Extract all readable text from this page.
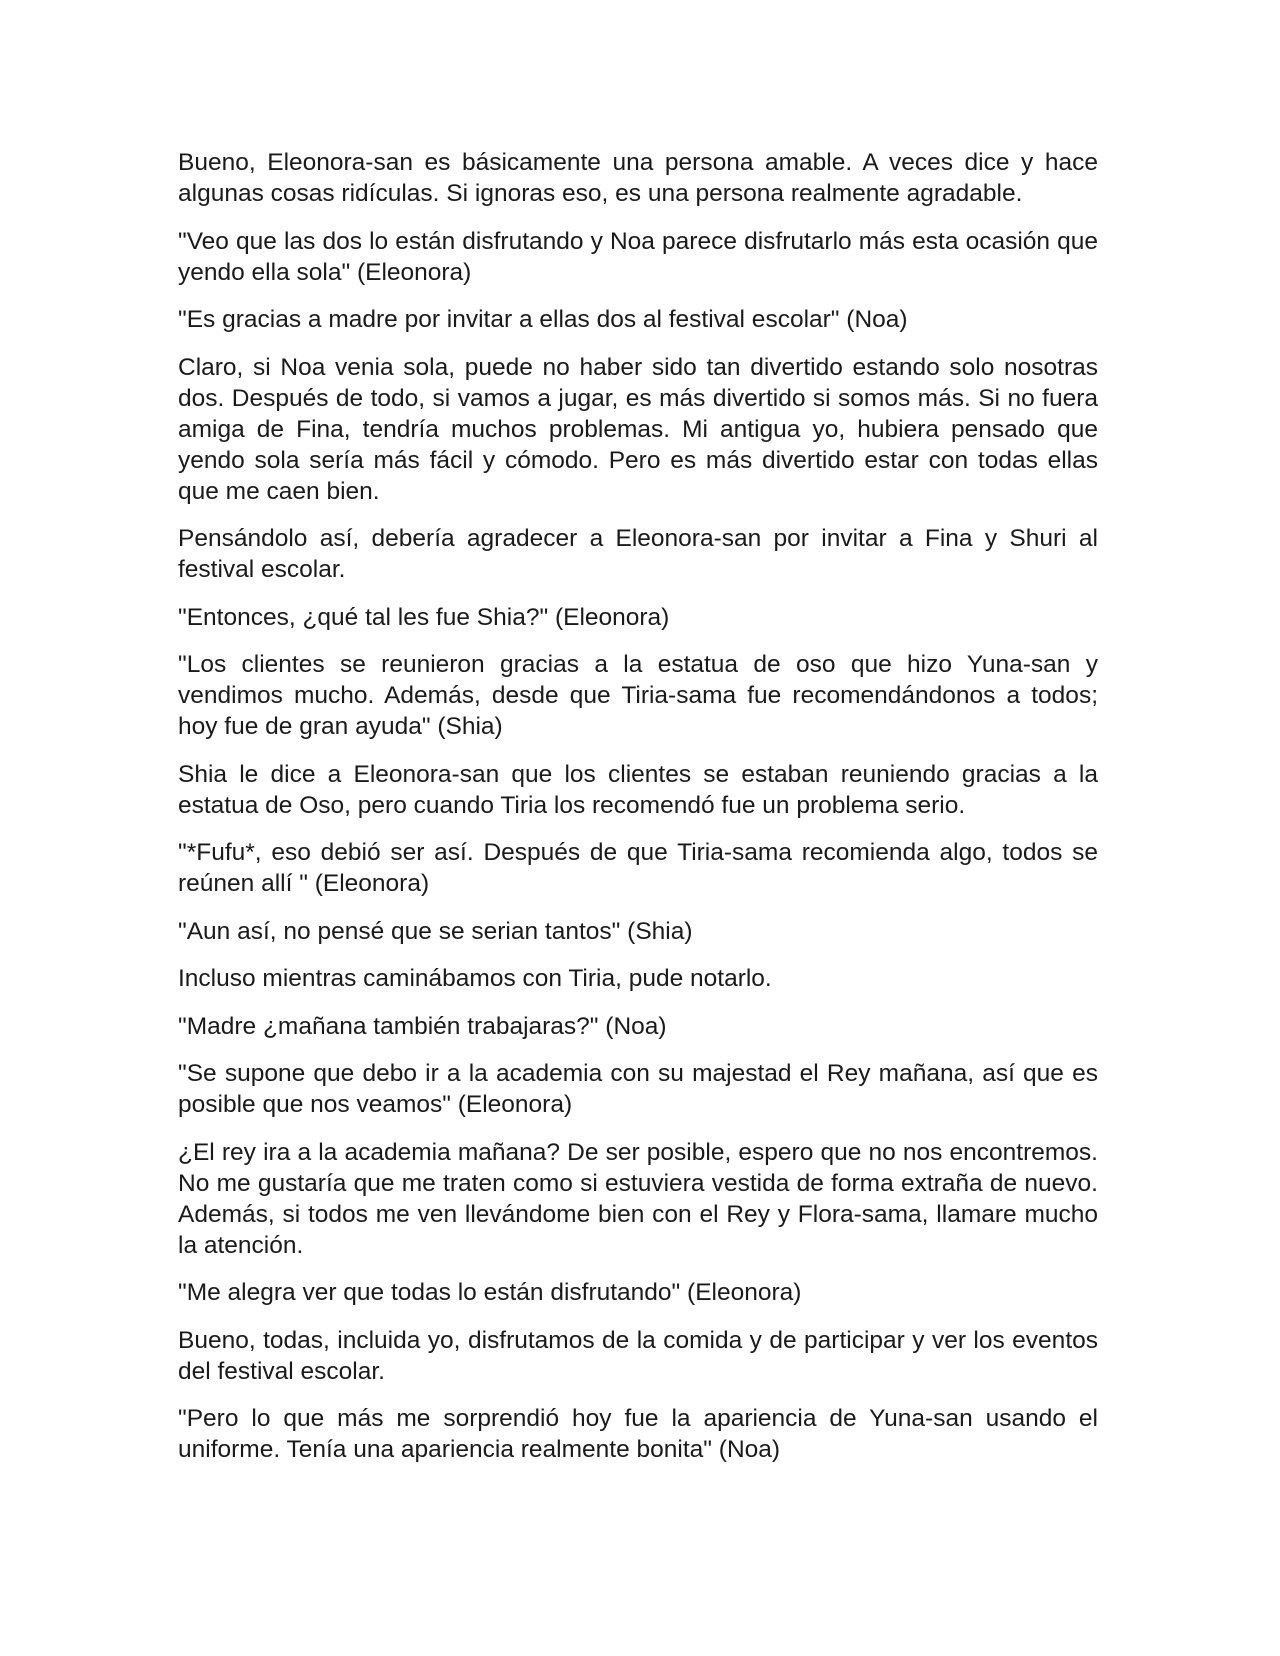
Bueno, Eleonora-san es básicamente una persona amable. A veces dice y hace algunas cosas ridículas. Si ignoras eso, es una persona realmente agradable.

"Veo que las dos lo están disfrutando y Noa parece disfrutarlo más esta ocasión que yendo ella sola" (Eleonora)

"Es gracias a madre por invitar a ellas dos al festival escolar" (Noa)

Claro, si Noa venia sola, puede no haber sido tan divertido estando solo nosotras dos. Después de todo, si vamos a jugar, es más divertido si somos más. Si no fuera amiga de Fina, tendría muchos problemas. Mi antigua yo, hubiera pensado que yendo sola sería más fácil y cómodo. Pero es más divertido estar con todas ellas que me caen bien.

Pensándolo así, debería agradecer a Eleonora-san por invitar a Fina y Shuri al festival escolar.

"Entonces, ¿qué tal les fue Shia?" (Eleonora)

"Los clientes se reunieron gracias a la estatua de oso que hizo Yuna-san y vendimos mucho. Además, desde que Tiria-sama fue recomendándonos a todos; hoy fue de gran ayuda" (Shia)

Shia le dice a Eleonora-san que los clientes se estaban reuniendo gracias a la estatua de Oso, pero cuando Tiria los recomendó fue un problema serio.

"*Fufu*, eso debió ser así. Después de que Tiria-sama recomienda algo, todos se reúnen allí " (Eleonora)

"Aun así, no pensé que se serian tantos" (Shia)

Incluso mientras caminábamos con Tiria, pude notarlo.

"Madre ¿mañana también trabajaras?" (Noa)

"Se supone que debo ir a la academia con su majestad el Rey mañana, así que es posible que nos veamos" (Eleonora)

¿El rey ira a la academia mañana? De ser posible, espero que no nos encontremos. No me gustaría que me traten como si estuviera vestida de forma extraña de nuevo. Además, si todos me ven llevándome bien con el Rey y Flora-sama, llamare mucho la atención.

"Me alegra ver que todas lo están disfrutando" (Eleonora)

Bueno, todas, incluida yo, disfrutamos de la comida y de participar y ver los eventos del festival escolar.

"Pero lo que más me sorprendió hoy fue la apariencia de Yuna-san usando el uniforme. Tenía una apariencia realmente bonita" (Noa)
